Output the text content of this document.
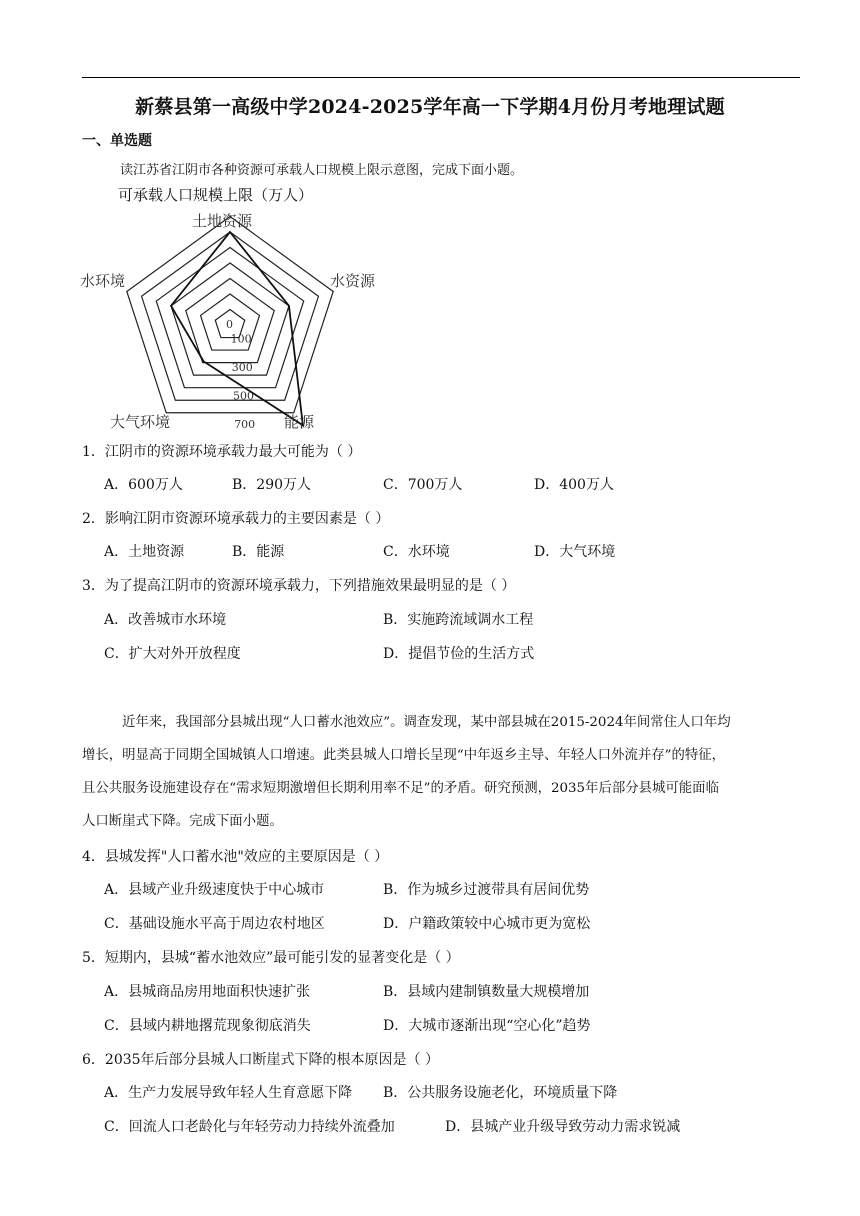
新蔡县第一高级中学2024-2025学年高一下学期4月份月考地理试题
一、单选题
读江苏省江阴市各种资源可承载人口规模上限示意图，完成下面小题。
可承载人口规模上限（万人）
0
100
300
500
700
土地资源
水资源
能源
大气环境
水环境
1．江阴市的资源环境承载力最大可能为（ ）
A．600万人	B．290万人	C．700万人	D．400万人
2．影响江阴市资源环境承载力的主要因素是（ ）
A．土地资源	B．能源	C．水环境	D．大气环境
3．为了提高江阴市的资源环境承载力，下列措施效果最明显的是（ ）
A．改善城市水环境	B．实施跨流域调水工程
C．扩大对外开放程度	D．提倡节俭的生活方式
近年来，我国部分县城出现“人口蓄水池效应”。调查发现，某中部县城在2015-2024年间常住人口年均
增长，明显高于同期全国城镇人口增速。此类县城人口增长呈现“中年返乡主导、年轻人口外流并存”的特征，
且公共服务设施建设存在“需求短期激增但长期利用率不足”的矛盾。研究预测，2035年后部分县城可能面临
人口断崖式下降。完成下面小题。
4．县城发挥"人口蓄水池"效应的主要原因是（ ）
A．县域产业升级速度快于中心城市	B．作为城乡过渡带具有居间优势
C．基础设施水平高于周边农村地区	D．户籍政策较中心城市更为宽松
5．短期内，县城“蓄水池效应”最可能引发的显著变化是（ ）
A．县城商品房用地面积快速扩张	B．县域内建制镇数量大规模增加
C．县域内耕地撂荒现象彻底消失	D．大城市逐渐出现“空心化”趋势
6．2035年后部分县城人口断崖式下降的根本原因是（ ）
A．生产力发展导致年轻人生育意愿下降 B．公共服务设施老化，环境质量下降
C．回流人口老龄化与年轻劳动力持续外流叠加	D．县城产业升级导致劳动力需求锐减
